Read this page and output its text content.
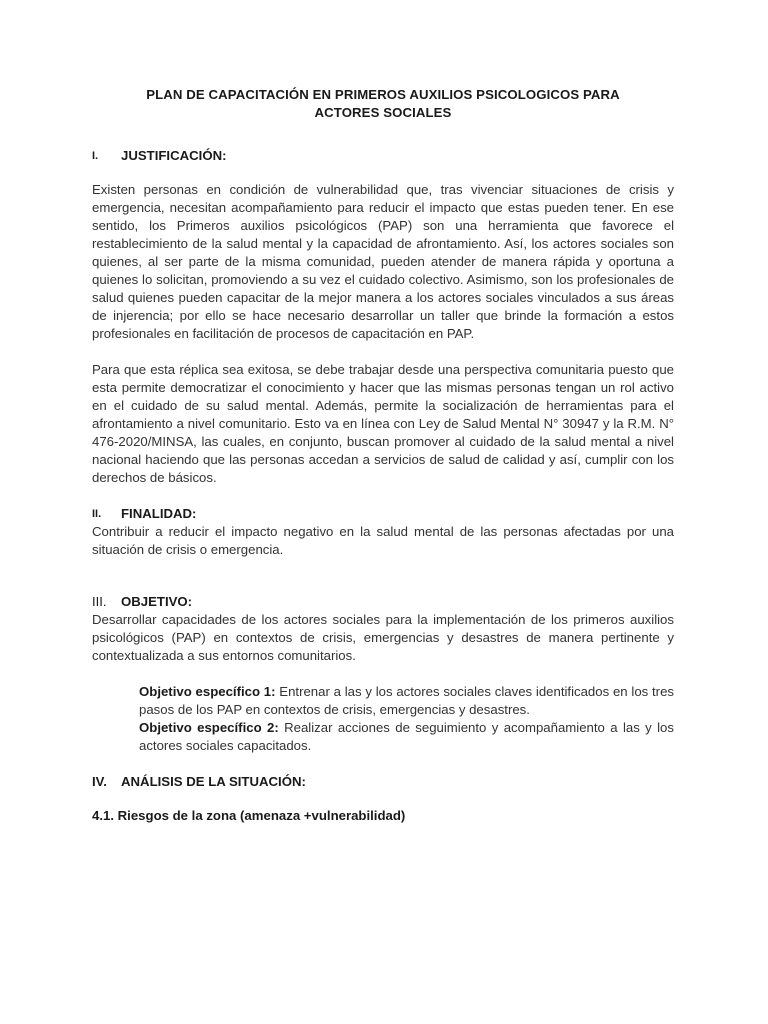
PLAN DE CAPACITACIÓN EN PRIMEROS AUXILIOS PSICOLOGICOS PARA
ACTORES SOCIALES
I.	JUSTIFICACIÓN:

Existen personas en condición de vulnerabilidad que, tras vivenciar situaciones de crisis y emergencia, necesitan acompañamiento para reducir el impacto que estas pueden tener. En ese sentido, los Primeros auxilios psicológicos (PAP) son una herramienta que favorece el restablecimiento de la salud mental y la capacidad de afrontamiento. Así, los actores sociales son quienes, al ser parte de la misma comunidad, pueden atender de manera rápida y oportuna a quienes lo solicitan, promoviendo a su vez el cuidado colectivo. Asimismo, son los profesionales de salud quienes pueden capacitar de la mejor manera a los actores sociales vinculados a sus áreas de injerencia; por ello se hace necesario desarrollar un taller que brinde la formación a estos profesionales en facilitación de procesos de capacitación en PAP.

Para que esta réplica sea exitosa, se debe trabajar desde una perspectiva comunitaria puesto que esta permite democratizar el conocimiento y hacer que las mismas personas tengan un rol activo en el cuidado de su salud mental. Además, permite la socialización de herramientas para el afrontamiento a nivel comunitario. Esto va en línea con Ley de Salud Mental N° 30947 y la R.M. N° 476-2020/MINSA, las cuales, en conjunto, buscan promover al cuidado de la salud mental a nivel nacional haciendo que las personas accedan a servicios de salud de calidad y así, cumplir con los derechos de básicos.

II.	FINALIDAD:

Contribuir a reducir el impacto negativo en la salud mental de las personas afectadas por una situación de crisis o emergencia.

III.	OBJETIVO:

Desarrollar capacidades de los actores sociales para la implementación de los primeros auxilios psicológicos (PAP) en contextos de crisis, emergencias y desastres de manera pertinente y contextualizada a sus entornos comunitarios.

Objetivo específico 1: Entrenar a las y los actores sociales claves identificados en los tres pasos de los PAP en contextos de crisis, emergencias y desastres.

Objetivo específico 2: Realizar acciones de seguimiento y acompañamiento a las y los actores sociales capacitados.

IV.	ANÁLISIS DE LA SITUACIÓN:

4.1. Riesgos de la zona (amenaza +vulnerabilidad)
